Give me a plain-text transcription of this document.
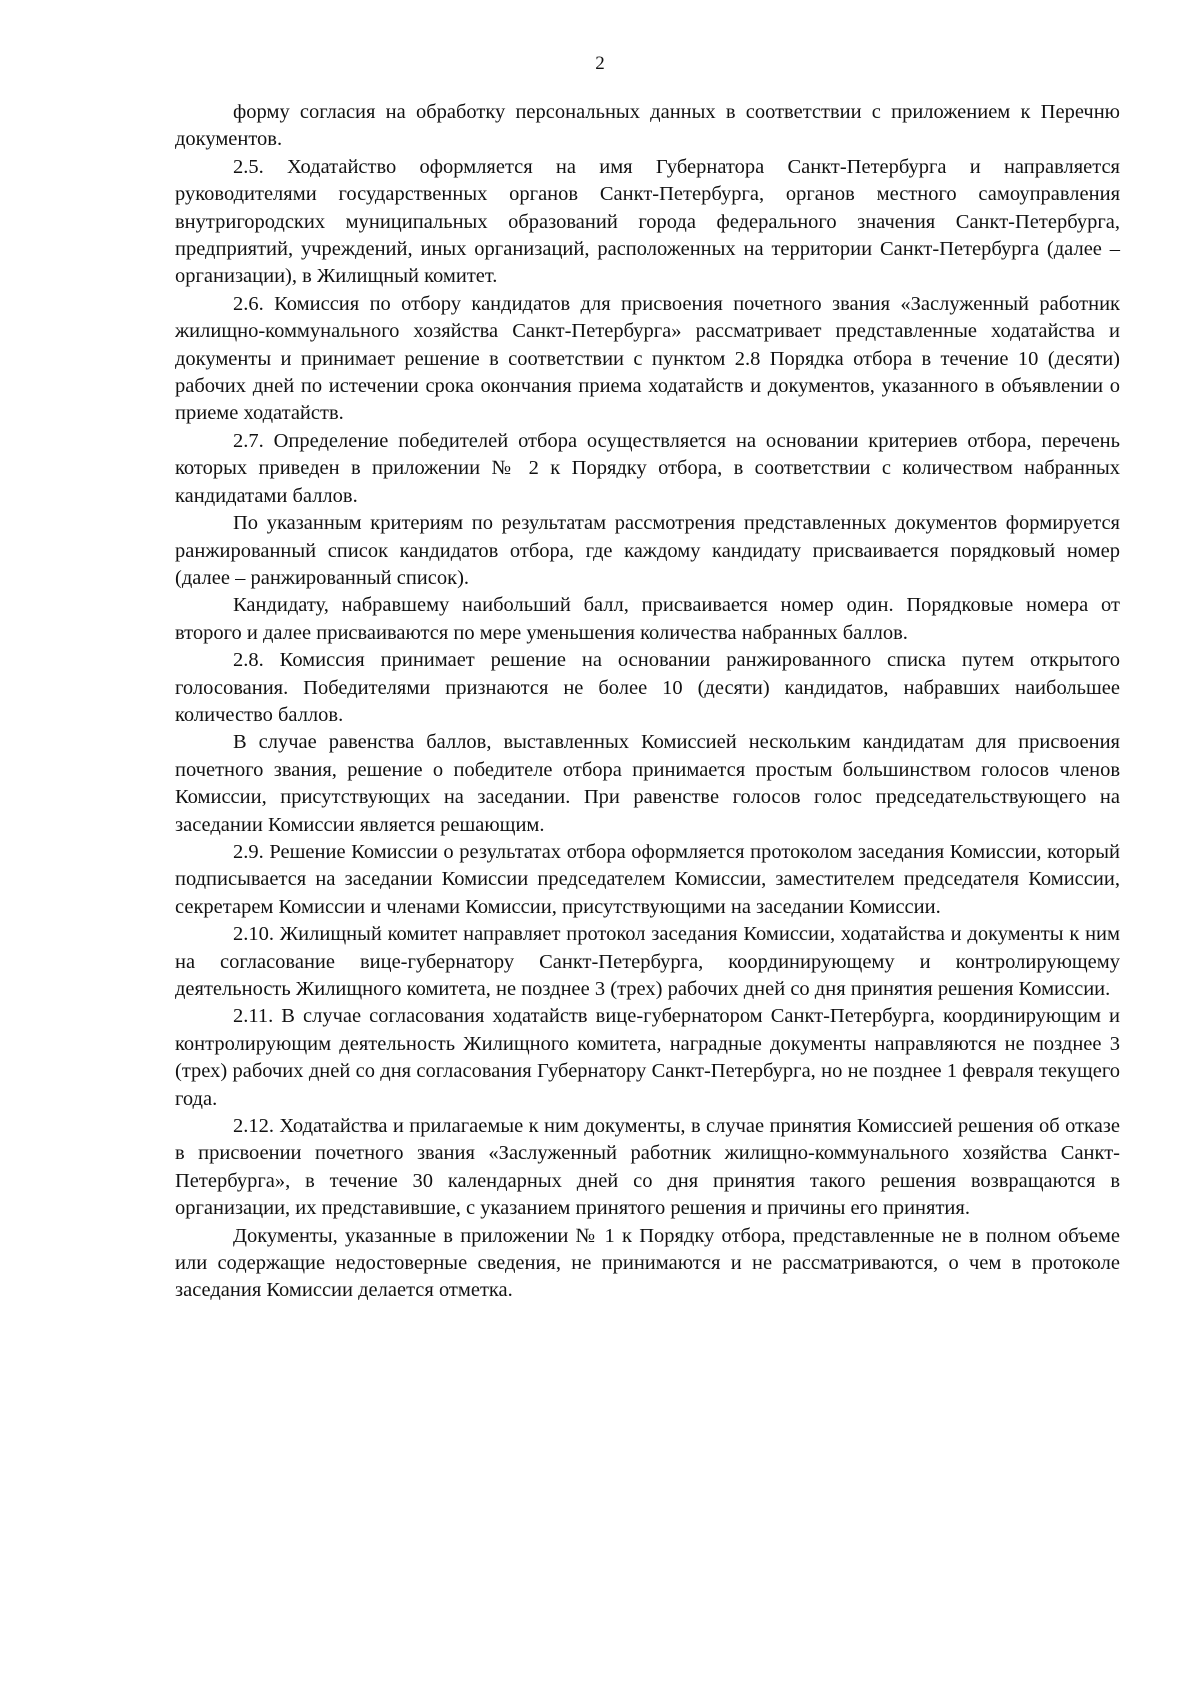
2

форму согласия на обработку персональных данных в соответствии с приложением к Перечню документов.

2.5. Ходатайство оформляется на имя Губернатора Санкт-Петербурга и направляется руководителями государственных органов Санкт-Петербурга, органов местного самоуправления внутригородских муниципальных образований города федерального значения Санкт-Петербурга, предприятий, учреждений, иных организаций, расположенных на территории Санкт-Петербурга (далее – организации), в Жилищный комитет.

2.6. Комиссия по отбору кандидатов для присвоения почетного звания «Заслуженный работник жилищно-коммунального хозяйства Санкт-Петербурга» рассматривает представленные ходатайства и документы и принимает решение в соответствии с пунктом 2.8 Порядка отбора в течение 10 (десяти) рабочих дней по истечении срока окончания приема ходатайств и документов, указанного в объявлении о приеме ходатайств.

2.7. Определение победителей отбора осуществляется на основании критериев отбора, перечень которых приведен в приложении № 2 к Порядку отбора, в соответствии с количеством набранных кандидатами баллов.

По указанным критериям по результатам рассмотрения представленных документов формируется ранжированный список кандидатов отбора, где каждому кандидату присваивается порядковый номер (далее – ранжированный список).

Кандидату, набравшему наибольший балл, присваивается номер один. Порядковые номера от второго и далее присваиваются по мере уменьшения количества набранных баллов.

2.8. Комиссия принимает решение на основании ранжированного списка путем открытого голосования. Победителями признаются не более 10 (десяти) кандидатов, набравших наибольшее количество баллов.

В случае равенства баллов, выставленных Комиссией нескольким кандидатам для присвоения почетного звания, решение о победителе отбора принимается простым большинством голосов членов Комиссии, присутствующих на заседании. При равенстве голосов голос председательствующего на заседании Комиссии является решающим.

2.9. Решение Комиссии о результатах отбора оформляется протоколом заседания Комиссии, который подписывается на заседании Комиссии председателем Комиссии, заместителем председателя Комиссии, секретарем Комиссии и членами Комиссии, присутствующими на заседании Комиссии.

2.10. Жилищный комитет направляет протокол заседания Комиссии, ходатайства и документы к ним на согласование вице-губернатору Санкт-Петербурга, координирующему и контролирующему деятельность Жилищного комитета, не позднее 3 (трех) рабочих дней со дня принятия решения Комиссии.

2.11. В случае согласования ходатайств вице-губернатором Санкт-Петербурга, координирующим и контролирующим деятельность Жилищного комитета, наградные документы направляются не позднее 3 (трех) рабочих дней со дня согласования Губернатору Санкт-Петербурга, но не позднее 1 февраля текущего года.

2.12. Ходатайства и прилагаемые к ним документы, в случае принятия Комиссией решения об отказе в присвоении почетного звания «Заслуженный работник жилищно-коммунального хозяйства Санкт-Петербурга», в течение 30 календарных дней со дня принятия такого решения возвращаются в организации, их представившие, с указанием принятого решения и причины его принятия.

Документы, указанные в приложении № 1 к Порядку отбора, представленные не в полном объеме или содержащие недостоверные сведения, не принимаются и не рассматриваются, о чем в протоколе заседания Комиссии делается отметка.
